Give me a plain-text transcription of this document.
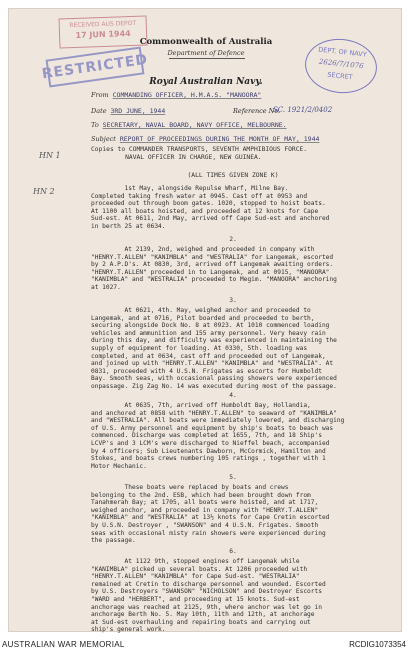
RECEIVED AUS DEPOT
17 JUN 1944
RESTRICTED	DEPT. OF NAVY
2626/7/1076
SECRET
Commonwealth of Australia
Department of Defence
Royal Australian Navy.
From COMMANDING OFFICER, H.M.A.S. "MANOORA"
Date 3RD JUNE, 1944	Reference No.
SC. 1921/2/0402
To SECRETARY, NAVAL BOARD, NAVY OFFICE, MELBOURNE.
Subject REPORT OF PROCEEDINGS DURING THE MONTH OF MAY, 1944
Copies to COMMANDER TRANSPORTS, SEVENTH AMPHIBIOUS FORCE.
NAVAL OFFICER IN CHARGE, NEW GUINEA.
(ALL TIMES GIVEN ZONE K)
HN 1
HN 2	1st May, alongside Repulse Wharf, Milne Bay.
Completed taking fresh water at 0945. Cast off at 0953 and
proceeded out through boom gates. 1020, stopped to hoist boats.
At 1100 all boats hoisted, and proceeded at 12 knots for Cape
Sud-est. At 0611, 2nd May, arrived off Cape Sud-est and anchored
in berth 25 at 0634.
2.
At 2139, 2nd, weighed and proceeded in company with
"HENRY.T.ALLEN" "KANIMBLA" and "WESTRALIA" for Langemak, escorted
by 2 A.P.D's. At 0830, 3rd, arrived off Langemak awaiting orders.
"HENRY.T.ALLEN" proceeded in to Langemak, and at 0915, "MANOORA"
"KANIMBLA" and "WESTRALIA" proceeded to Megim. "MANOORA" anchoring
at 1027.
3.
At 0621, 4th. May, weighed anchor and proceeded to
Langemak, and at 0716, Pilot boarded and proceeded to berth,
securing alongside Dock No. 8 at 0923. At 1010 commenced loading
vehicles and ammunition and 155 army personnel. Very heavy rain
during this day, and difficulty was experienced in maintaining the
supply of equipment for loading. At 0330, 5th. loading was
completed, and at 0634, cast off and proceeded out of Langemak,
and joined up with "HENRY.T.ALLEN" "KANIMBLA" and "WESTRALIA". At
0831, proceeded with 4 U.S.N. Frigates as escorts for Humboldt
Bay. Smooth seas, with occasional passing showers were experienced
onpassage. Zig Zag No. 14 was executed during most of the passage.
4.
At 0635, 7th, arrived off Humboldt Bay, Hollandia,
and anchored at 0858 with "HENRY.T.ALLEN" to seaward of "KANIMBLA"
and "WESTRALIA". All boats were immediately lowered, and discharging
of U.S. Army personnel and equipment by ship's boats to beach was
commenced. Discharge was completed at 1655, 7th, and 18 Ship's
LCVP's and 3 LCM's were discharged to Nieffel beach, accompanied
by 4 officers; Sub Lieutenants Dawborn, McCormick, Hamilton and
Stokes, and boats crews numbering 105 ratings , together with 1
Motor Mechanic.
5.
These boats were replaced by boats and crews
belonging to the 2nd. ESB, which had been brought down from
Tanahmerah Bay; at 1705, all boats were hoisted, and at 1717,
weighed anchor, and proceeded in company with "HENRY.T.ALLEN"
"KANIMBLA" and "WESTRALIA" at 13½ knots for Cape Cretin escorted
by U.S.N. Destroyer , "SWANSON" and 4 U.S.N. Frigates. Smooth
seas with occasional misty rain showers were experienced during
the passage.
6.
At 1122 9th, stopped engines off Langemak while
"KANIMBLA" picked up several boats. At 1206 proceeded with
"HENRY.T.ALLEN" "KANIMBLA" for Cape Sud-est. "WESTRALIA"
remained at Cretin to discharge personnel and wounded. Escorted
by U.S. Destroyers "SWANSON" "NICHOLSON" and Destroyer Escorts
"WARD and "HERBERT", and proceeding at 15 knots. Sud-est
anchorage was reached at 2125, 9th, where anchor was let go in
anchorage Berth No. 5. May 10th, 11th and 12th, at anchorage
at Sud-est overhauling and repairing boats and carrying out
ship's general work.
AUSTRALIAN WAR MEMORIAL	RCDIG1073354
